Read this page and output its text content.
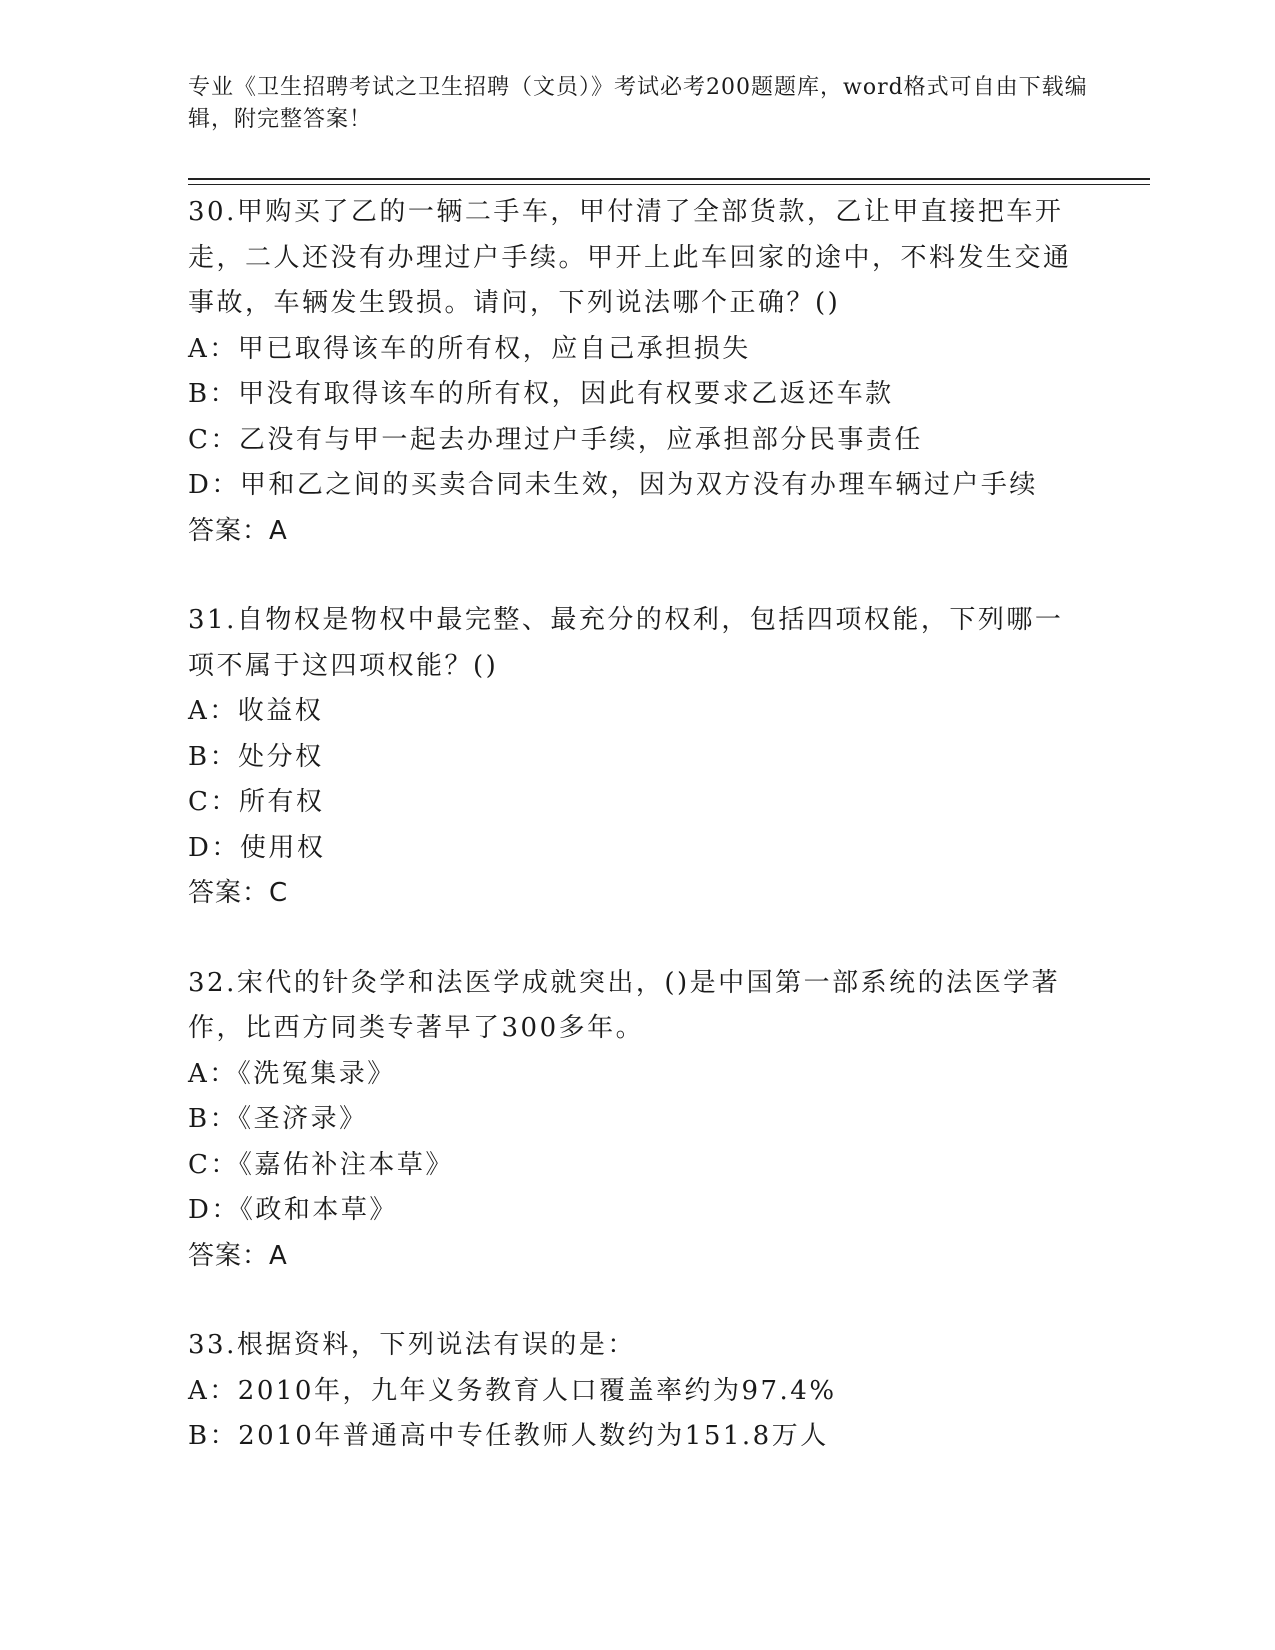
专业《卫生招聘考试之卫生招聘（文员）》考试必考200题题库，word格式可自由下载编辑，附完整答案！
30.甲购买了乙的一辆二手车，甲付清了全部货款，乙让甲直接把车开走，二人还没有办理过户手续。甲开上此车回家的途中，不料发生交通事故，车辆发生毁损。请问，下列说法哪个正确？()
A：甲已取得该车的所有权，应自己承担损失
B：甲没有取得该车的所有权，因此有权要求乙返还车款
C：乙没有与甲一起去办理过户手续，应承担部分民事责任
D：甲和乙之间的买卖合同未生效，因为双方没有办理车辆过户手续
答案：A
31.自物权是物权中最完整、最充分的权利，包括四项权能，下列哪一项不属于这四项权能？()
A：收益权
B：处分权
C：所有权
D：使用权
答案：C
32.宋代的针灸学和法医学成就突出，()是中国第一部系统的法医学著作，比西方同类专著早了300多年。
A：《洗冤集录》
B：《圣济录》
C：《嘉佑补注本草》
D：《政和本草》
答案：A
33.根据资料，下列说法有误的是：
A：2010年，九年义务教育人口覆盖率约为97.4%
B：2010年普通高中专任教师人数约为151.8万人
